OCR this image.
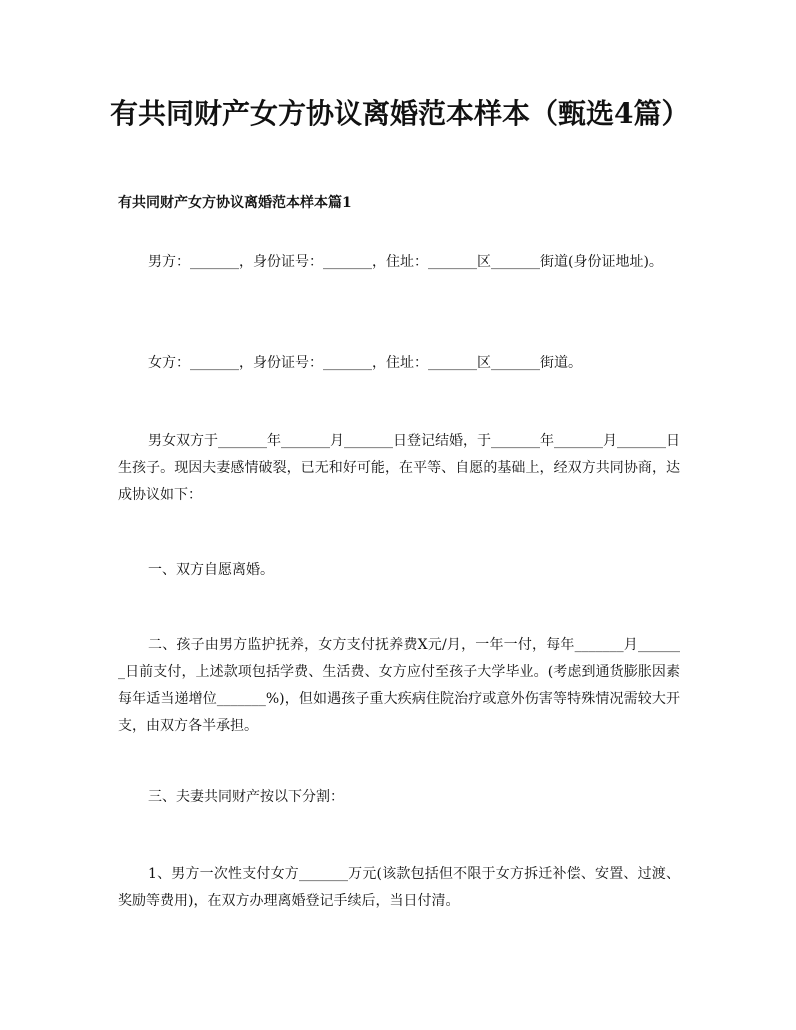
有共同财产女方协议离婚范本样本（甄选4篇）
有共同财产女方协议离婚范本样本篇1

男方：_______，身份证号：_______，住址：_______区_______街道(身份证地址)。

女方：_______，身份证号：_______，住址：_______区_______街道。

男女双方于_______年_______月_______日登记结婚，于_______年_______月_______日生孩子。现因夫妻感情破裂，已无和好可能，在平等、自愿的基础上，经双方共同协商，达成协议如下：

一、双方自愿离婚。

二、孩子由男方监护抚养，女方支付抚养费X元/月，一年一付，每年_______月_______日前支付，上述款项包括学费、生活费、女方应付至孩子大学毕业。(考虑到通货膨胀因素每年适当递增位_______%)，但如遇孩子重大疾病住院治疗或意外伤害等特殊情况需较大开支，由双方各半承担。

三、夫妻共同财产按以下分割：

1、男方一次性支付女方_______万元(该款包括但不限于女方拆迁补偿、安置、过渡、奖励等费用)，在双方办理离婚登记手续后，当日付清。
